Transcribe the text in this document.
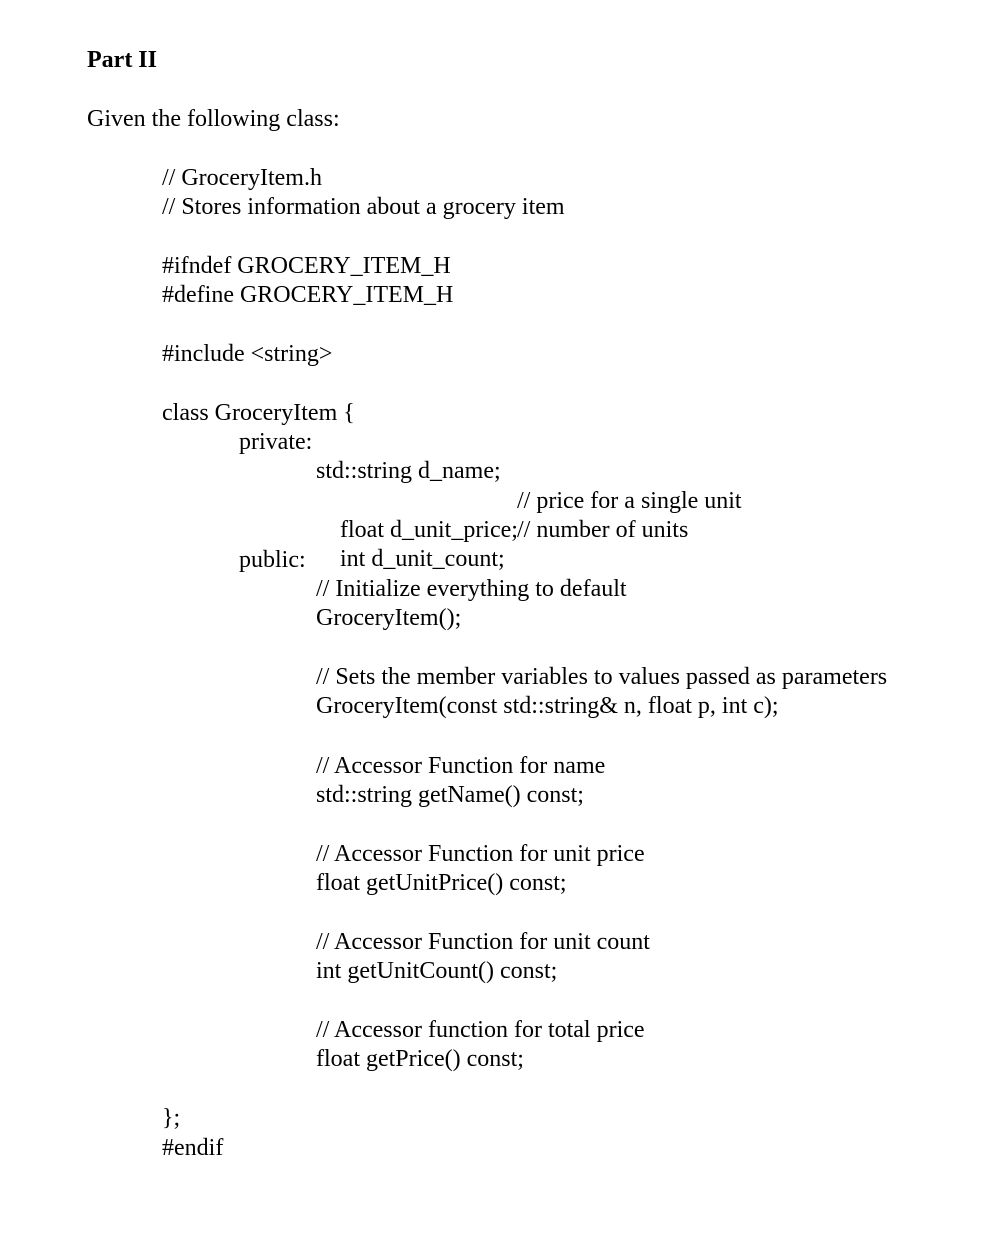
Part II
Given the following class:
// GroceryItem.h
// Stores information about a grocery item
#ifndef GROCERY_ITEM_H
#define GROCERY_ITEM_H
#include <string>
class GroceryItem {
private:
std::string d_name;

float d_unit_price;

// price for a single unit

int d_unit_count;

// number of units
public:
// Initialize everything to default
GroceryItem();
// Sets the member variables to values passed as parameters
GroceryItem(const std::string& n, float p, int c);
// Accessor Function for name
std::string getName() const;
// Accessor Function for unit price
float getUnitPrice() const;
// Accessor Function for unit count
int getUnitCount() const;
// Accessor function for total price
float getPrice() const;
};
#endif
